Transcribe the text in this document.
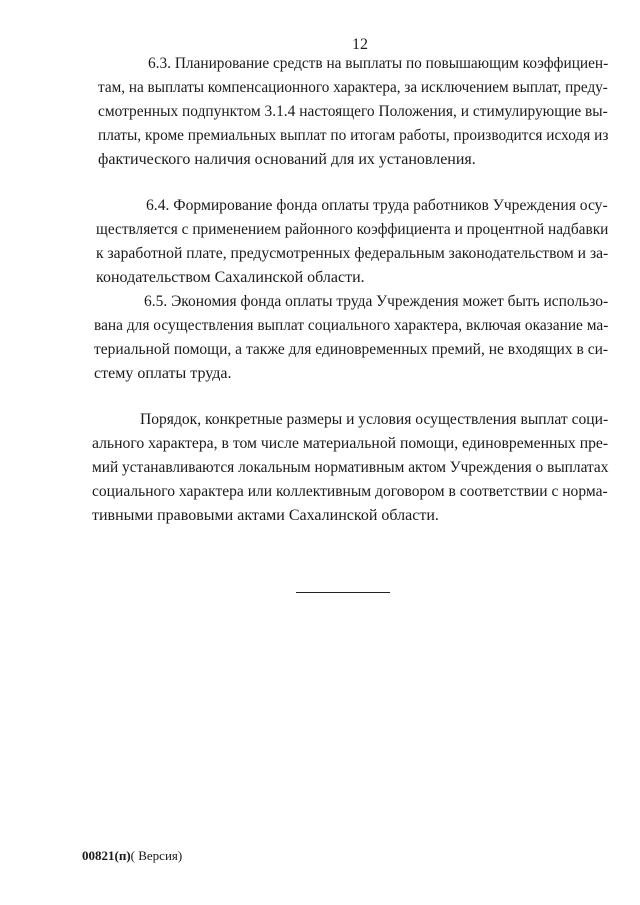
12
6.3. Планирование средств на выплаты по повышающим коэффициен-
там, на выплаты компенсационного характера, за исключением выплат, преду-
смотренных подпунктом 3.1.4 настоящего Положения, и стимулирующие вы-
платы, кроме премиальных выплат по итогам работы, производится исходя из
фактического наличия оснований для их установления.
6.4. Формирование фонда оплаты труда работников Учреждения осу-
ществляется с применением районного коэффициента и процентной надбавки
к заработной плате, предусмотренных федеральным законодательством и за-
конодательством Сахалинской области.
6.5. Экономия фонда оплаты труда Учреждения может быть использо-
вана для осуществления выплат социального характера, включая оказание ма-
териальной помощи, а также для единовременных премий, не входящих в си-
стему оплаты труда.
Порядок, конкретные размеры и условия осуществления выплат соци-
ального характера, в том числе материальной помощи, единовременных пре-
мий устанавливаются локальным нормативным актом Учреждения о выплатах
социального характера или коллективным договором в соответствии с норма-
тивными правовыми актами Сахалинской области.
00821(п)( Версия)
